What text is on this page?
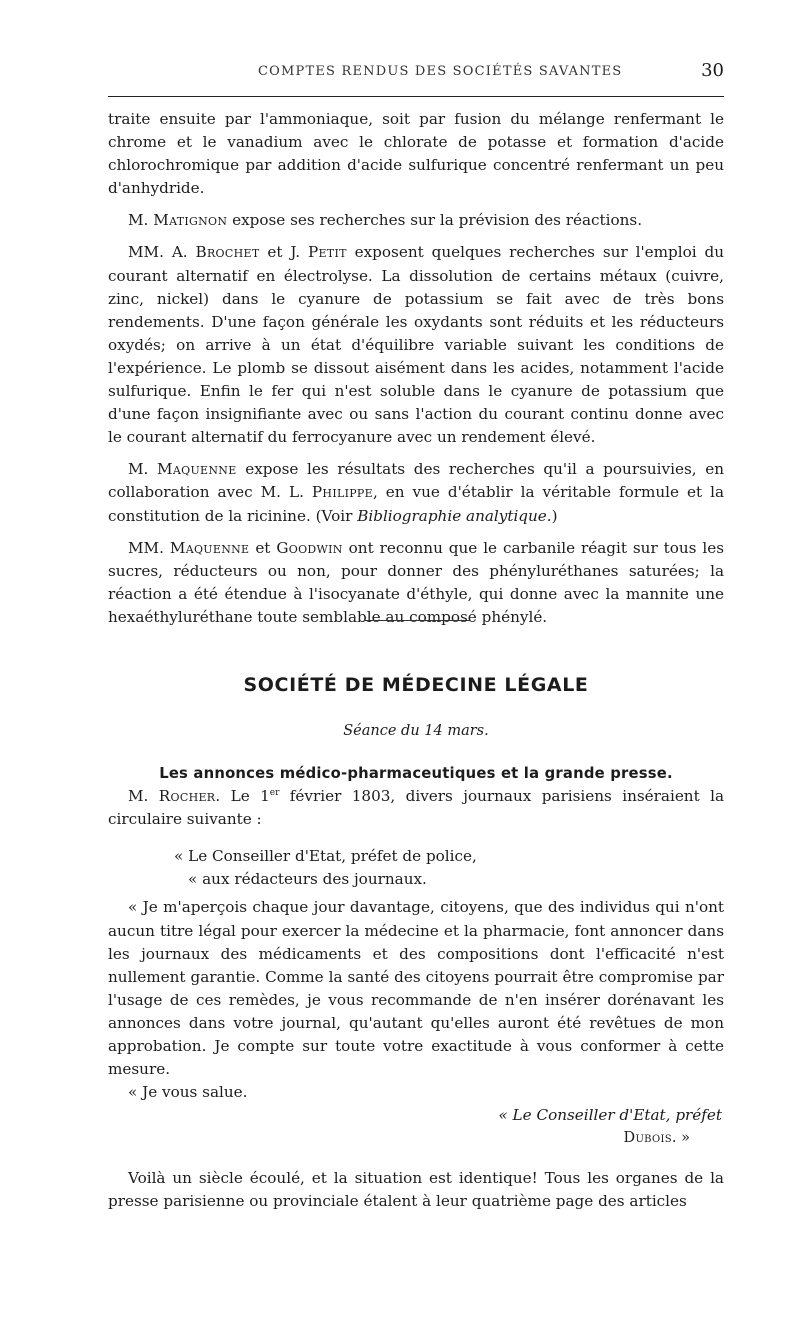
COMPTES RENDUS DES SOCIÉTÉS SAVANTES	30

traite ensuite par l'ammoniaque, soit par fusion du mélange renfermant le chrome et le vanadium avec le chlorate de potasse et formation d'acide chlorochromique par addition d'acide sulfurique concentré renfermant un peu d'anhydride.

M. Matignon expose ses recherches sur la prévision des réactions.

MM. A. Brochet et J. Petit exposent quelques recherches sur l'emploi du courant alternatif en électrolyse. La dissolution de certains métaux (cuivre, zinc, nickel) dans le cyanure de potassium se fait avec de très bons rendements. D'une façon générale les oxydants sont réduits et les réducteurs oxydés; on arrive à un état d'équilibre variable suivant les conditions de l'expérience. Le plomb se dissout aisément dans les acides, notamment l'acide sulfurique. Enfin le fer qui n'est soluble dans le cyanure de potassium que d'une façon insignifiante avec ou sans l'action du courant continu donne avec le courant alternatif du ferrocyanure avec un rendement élevé.

M. Maquenne expose les résultats des recherches qu'il a poursuivies, en collaboration avec M. L. Philippe, en vue d'établir la véritable formule et la constitution de la ricinine. (Voir Bibliographie analytique.)

MM. Maquenne et Goodwin ont reconnu que le carbanile réagit sur tous les sucres, réducteurs ou non, pour donner des phényluréthanes saturées; la réaction a été étendue à l'isocyanate d'éthyle, qui donne avec la mannite une hexaéthyluréthane toute semblable au composé phénylé.

SOCIÉTÉ DE MÉDECINE LÉGALE
Séance du 14 mars.

Les annonces médico-pharmaceutiques et la grande presse.

M. Rocher. Le 1er février 1803, divers journaux parisiens inséraient la circulaire suivante :

« Le Conseiller d'Etat, préfet de police,

« aux rédacteurs des journaux.

« Je m'aperçois chaque jour davantage, citoyens, que des individus qui n'ont aucun titre légal pour exercer la médecine et la pharmacie, font annoncer dans les journaux des médicaments et des compositions dont l'efficacité n'est nullement garantie. Comme la santé des citoyens pourrait être compromise par l'usage de ces remèdes, je vous recommande de n'en insérer dorénavant les annonces dans votre journal, qu'autant qu'elles auront été revêtues de mon approbation. Je compte sur toute votre exactitude à vous conformer à cette mesure.

« Je vous salue.

« Le Conseiller d'Etat, préfet

Dubois. »

Voilà un siècle écoulé, et la situation est identique! Tous les organes de la presse parisienne ou provinciale étalent à leur quatrième page des articles
